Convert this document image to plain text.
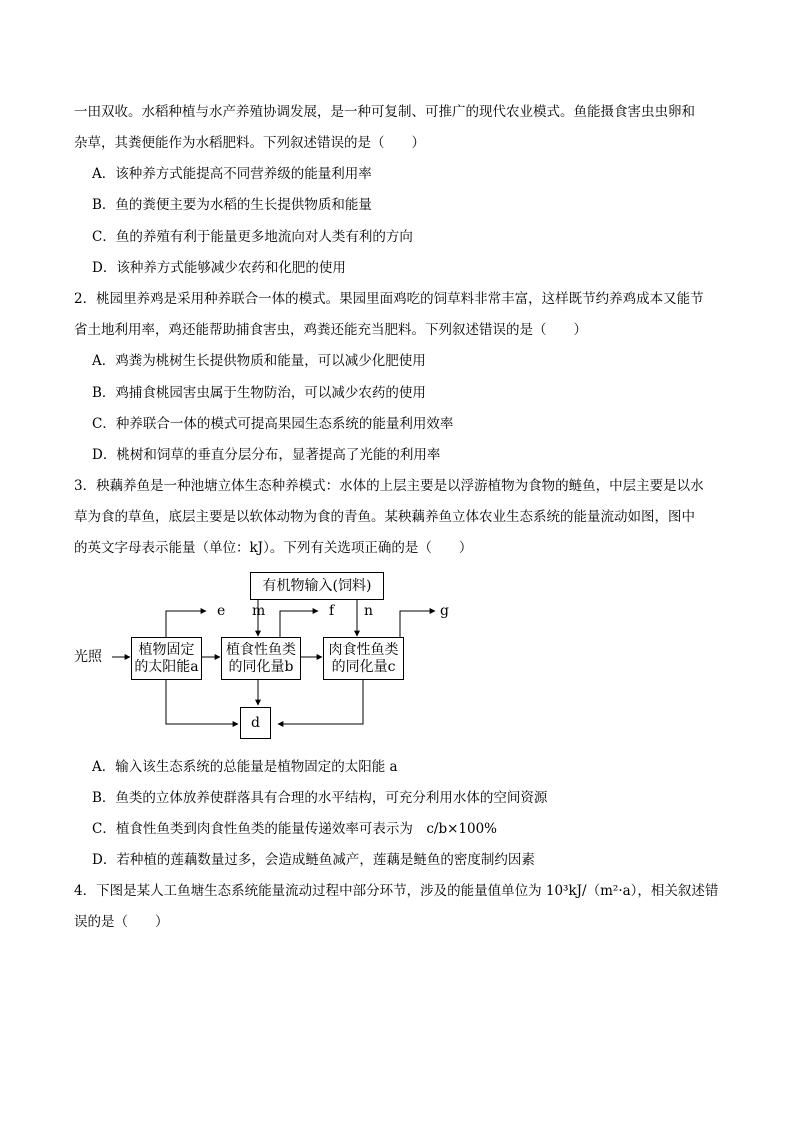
一田双收。水稻种植与水产养殖协调发展，是一种可复制、可推广的现代农业模式。鱼能摄食害虫虫卵和
杂草，其粪便能作为水稻肥料。下列叙述错误的是（　　）
A．该种养方式能提高不同营养级的能量利用率
B．鱼的粪便主要为水稻的生长提供物质和能量
C．鱼的养殖有利于能量更多地流向对人类有利的方向
D．该种养方式能够减少农药和化肥的使用
2．桃园里养鸡是采用种养联合一体的模式。果园里面鸡吃的饲草料非常丰富，这样既节约养鸡成本又能节
省土地利用率，鸡还能帮助捕食害虫，鸡粪还能充当肥料。下列叙述错误的是（　　）
A．鸡粪为桃树生长提供物质和能量，可以减少化肥使用
B．鸡捕食桃园害虫属于生物防治，可以减少农药的使用
C．种养联合一体的模式可提高果园生态系统的能量利用效率
D．桃树和饲草的垂直分层分布，显著提高了光能的利用率
3．秧藕养鱼是一种池塘立体生态种养模式：水体的上层主要是以浮游植物为食物的鲢鱼，中层主要是以水
草为食的草鱼，底层主要是以软体动物为食的青鱼。某秧藕养鱼立体农业生态系统的能量流动如图，图中
的英文字母表示能量（单位：kJ）。下列有关选项正确的是（　　）
有机物输入(饲料)
光照	植物固定
的太阳能a
植食性鱼类
的同化量b
肉食性鱼类
的同化量c
d
e m	f n	g
A．输入该生态系统的总能量是植物固定的太阳能 a
B．鱼类的立体放养使群落具有合理的水平结构，可充分利用水体的空间资源
C．植食性鱼类到肉食性鱼类的能量传递效率可表示为　c/b×100%
D．若种植的莲藕数量过多，会造成鲢鱼减产，莲藕是鲢鱼的密度制约因素
4．下图是某人工鱼塘生态系统能量流动过程中部分环节，涉及的能量值单位为 10³kJ/（m²·a），相关叙述错
误的是（　　）
